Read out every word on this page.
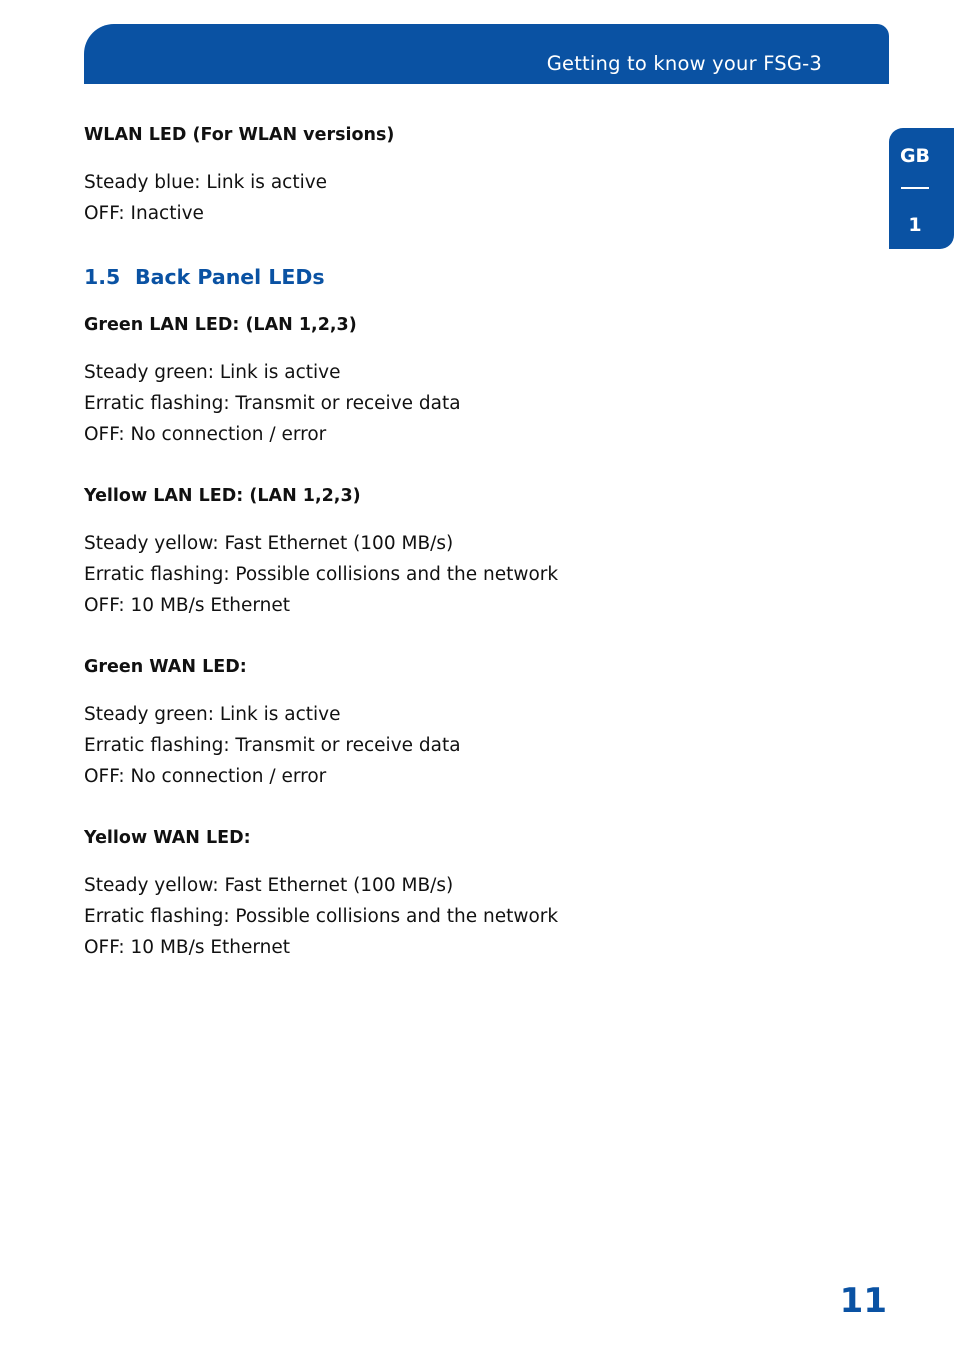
Getting to know your FSG-3
GB
1
WLAN LED (For WLAN versions)
Steady blue: Link is active
OFF: Inactive
1.5 Back Panel LEDs
Green LAN LED: (LAN 1,2,3)
Steady green: Link is active
Erratic flashing: Transmit or receive data
OFF: No connection / error
Yellow LAN LED: (LAN 1,2,3)
Steady yellow: Fast Ethernet (100 MB/s)
Erratic flashing: Possible collisions and the network
OFF: 10 MB/s Ethernet
Green WAN LED:
Steady green: Link is active
Erratic flashing: Transmit or receive data
OFF: No connection / error
Yellow WAN LED:
Steady yellow: Fast Ethernet (100 MB/s)
Erratic flashing: Possible collisions and the network
OFF: 10 MB/s Ethernet
11
